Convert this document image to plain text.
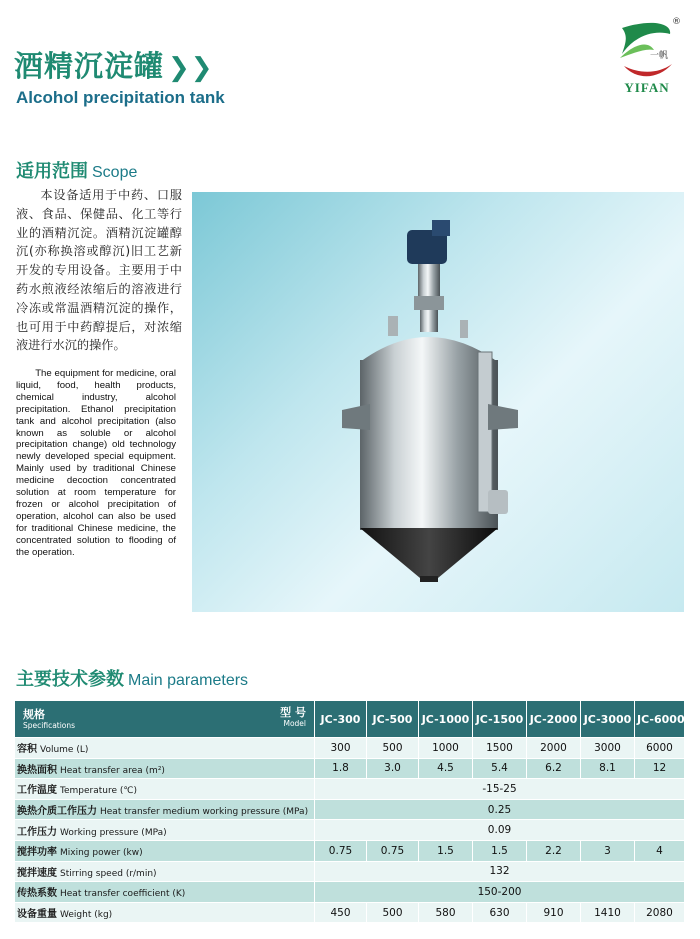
酒精沉淀罐 ❯❯
Alcohol precipitation tank
®
一帆
YIFAN
适用范围 Scope
本设备适用于中药、口服液、食品、保健品、化工等行业的酒精沉淀。酒精沉淀罐醇沉(亦称换溶或醇沉)旧工艺新开发的专用设备。主要用于中药水煎液经浓缩后的溶液进行冷冻或常温酒精沉淀的操作，也可用于中药醇提后，对浓缩液进行水沉的操作。
The equipment for medicine, oral liquid, food, health products, chemical industry, alcohol precipitation. Ethanol precipitation tank and alcohol precipitation (also known as soluble or alcohol precipitation change) old technology newly developed special equipment. Mainly used by traditional Chinese medicine decoction concentrated solution at room temperature for frozen or alcohol precipitation of operation, alcohol can also be used for traditional Chinese medicine, the concentrated solution to flooding of the operation.
主要技术参数 Main parameters
规格
Specifications
型 号
Model	JC-300	JC-500	JC-1000	JC-1500	JC-2000	JC-3000	JC-6000
容积 Volume (L)	300	500	1000	1500	2000	3000	6000
换热面积 Heat transfer area (m²)	1.8	3.0	4.5	5.4	6.2	8.1	12
工作温度 Temperature (℃)	-15-25						
换热介质工作压力 Heat transfer medium working pressure (MPa)	0.25						
工作压力 Working pressure (MPa)	0.09						
搅拌功率 Mixing power (kw)	0.75	0.75	1.5	1.5	2.2	3	4
搅拌速度 Stirring speed (r/min)	132						
传热系数 Heat transfer coefficient (K)	150-200						
设备重量 Weight (kg)	450	500	580	630	910	1410	2080
